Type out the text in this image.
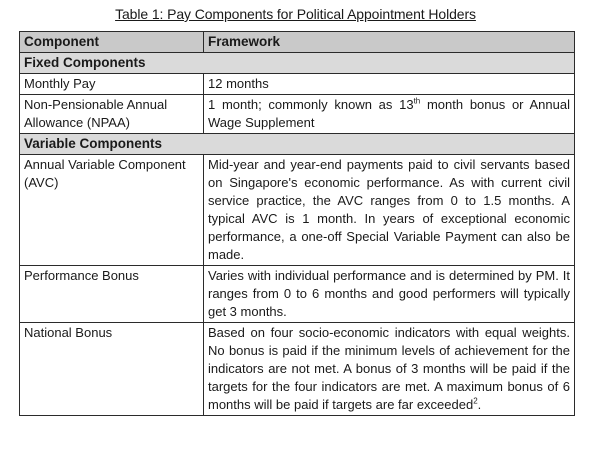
Table 1: Pay Components for Political Appointment Holders
Component	Framework
Fixed Components	
Monthly Pay	12 months
Non-Pensionable Annual Allowance (NPAA)	1 month; commonly known as 13th month bonus or Annual Wage Supplement
Variable Components	
Annual Variable Component (AVC)	Mid-year and year-end payments paid to civil servants based on Singapore's economic performance. As with current civil service practice, the AVC ranges from 0 to 1.5 months. A typical AVC is 1 month. In years of exceptional economic performance, a one-off Special Variable Payment can also be made.
Performance Bonus	Varies with individual performance and is determined by PM. It ranges from 0 to 6 months and good performers will typically get 3 months.
National Bonus	Based on four socio-economic indicators with equal weights. No bonus is paid if the minimum levels of achievement for the indicators are not met. A bonus of 3 months will be paid if the targets for the four indicators are met. A maximum bonus of 6 months will be paid if targets are far exceeded$^2$.
